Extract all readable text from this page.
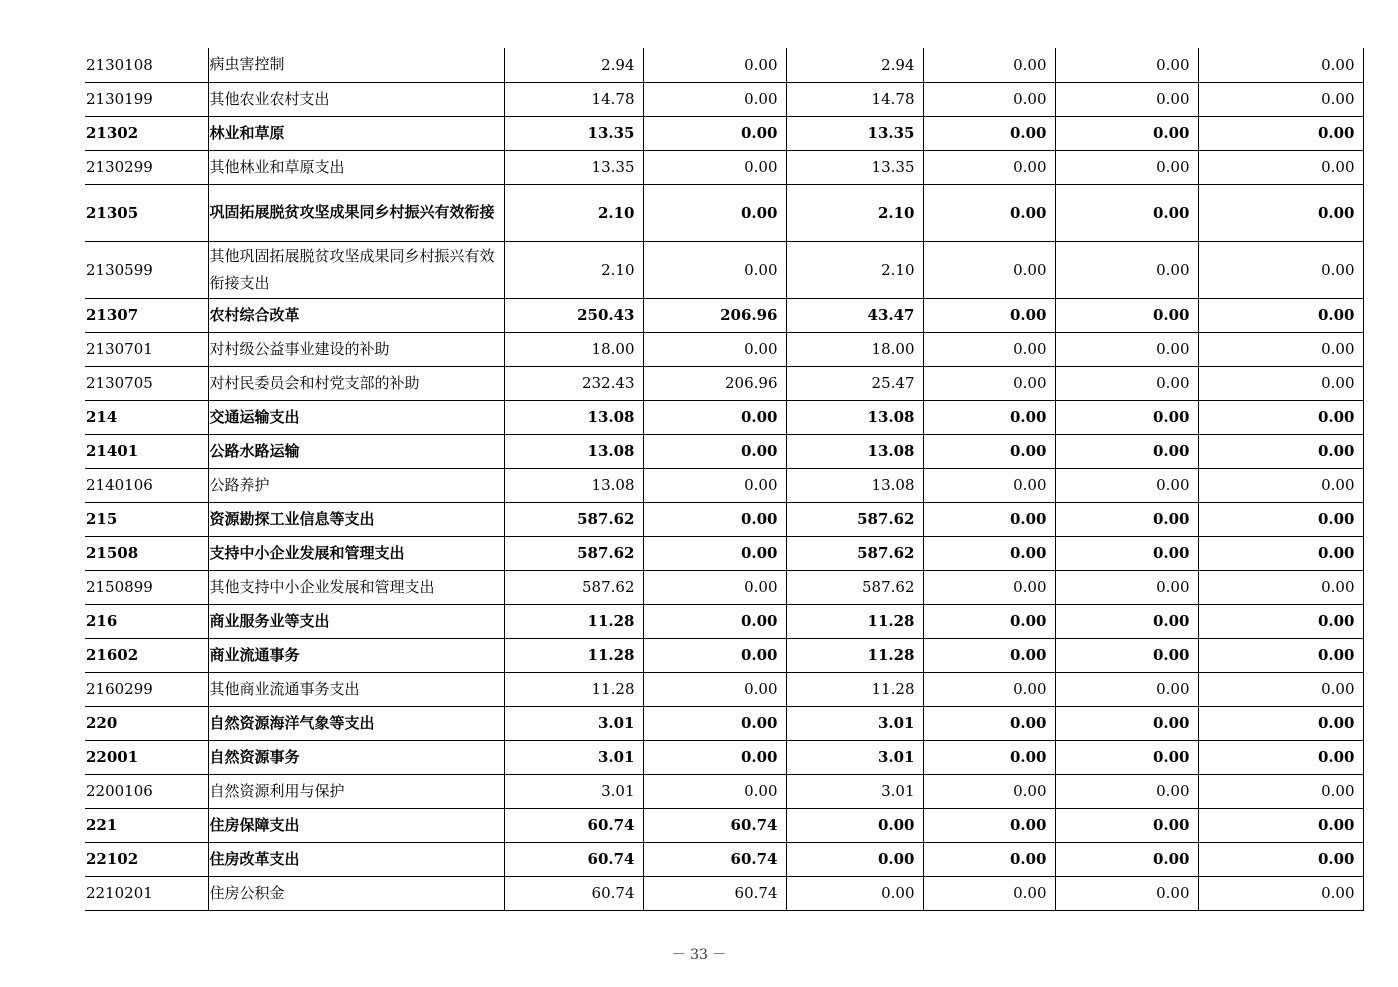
2130108	病虫害控制	2.94	0.00	2.94	0.00	0.00	0.00
2130199	其他农业农村支出	14.78	0.00	14.78	0.00	0.00	0.00
21302	林业和草原	13.35	0.00	13.35	0.00	0.00	0.00
2130299	其他林业和草原支出	13.35	0.00	13.35	0.00	0.00	0.00
21305	巩固拓展脱贫攻坚成果同乡村振兴有效衔接	2.10	0.00	2.10	0.00	0.00	0.00
2130599	其他巩固拓展脱贫攻坚成果同乡村振兴有效衔接支出	2.10	0.00	2.10	0.00	0.00	0.00
21307	农村综合改革	250.43	206.96	43.47	0.00	0.00	0.00
2130701	对村级公益事业建设的补助	18.00	0.00	18.00	0.00	0.00	0.00
2130705	对村民委员会和村党支部的补助	232.43	206.96	25.47	0.00	0.00	0.00
214	交通运输支出	13.08	0.00	13.08	0.00	0.00	0.00
21401	公路水路运输	13.08	0.00	13.08	0.00	0.00	0.00
2140106	公路养护	13.08	0.00	13.08	0.00	0.00	0.00
215	资源勘探工业信息等支出	587.62	0.00	587.62	0.00	0.00	0.00
21508	支持中小企业发展和管理支出	587.62	0.00	587.62	0.00	0.00	0.00
2150899	其他支持中小企业发展和管理支出	587.62	0.00	587.62	0.00	0.00	0.00
216	商业服务业等支出	11.28	0.00	11.28	0.00	0.00	0.00
21602	商业流通事务	11.28	0.00	11.28	0.00	0.00	0.00
2160299	其他商业流通事务支出	11.28	0.00	11.28	0.00	0.00	0.00
220	自然资源海洋气象等支出	3.01	0.00	3.01	0.00	0.00	0.00
22001	自然资源事务	3.01	0.00	3.01	0.00	0.00	0.00
2200106	自然资源利用与保护	3.01	0.00	3.01	0.00	0.00	0.00
221	住房保障支出	60.74	60.74	0.00	0.00	0.00	0.00
22102	住房改革支出	60.74	60.74	0.00	0.00	0.00	0.00
2210201	住房公积金	60.74	60.74	0.00	0.00	0.00	0.00
－ 33 －
